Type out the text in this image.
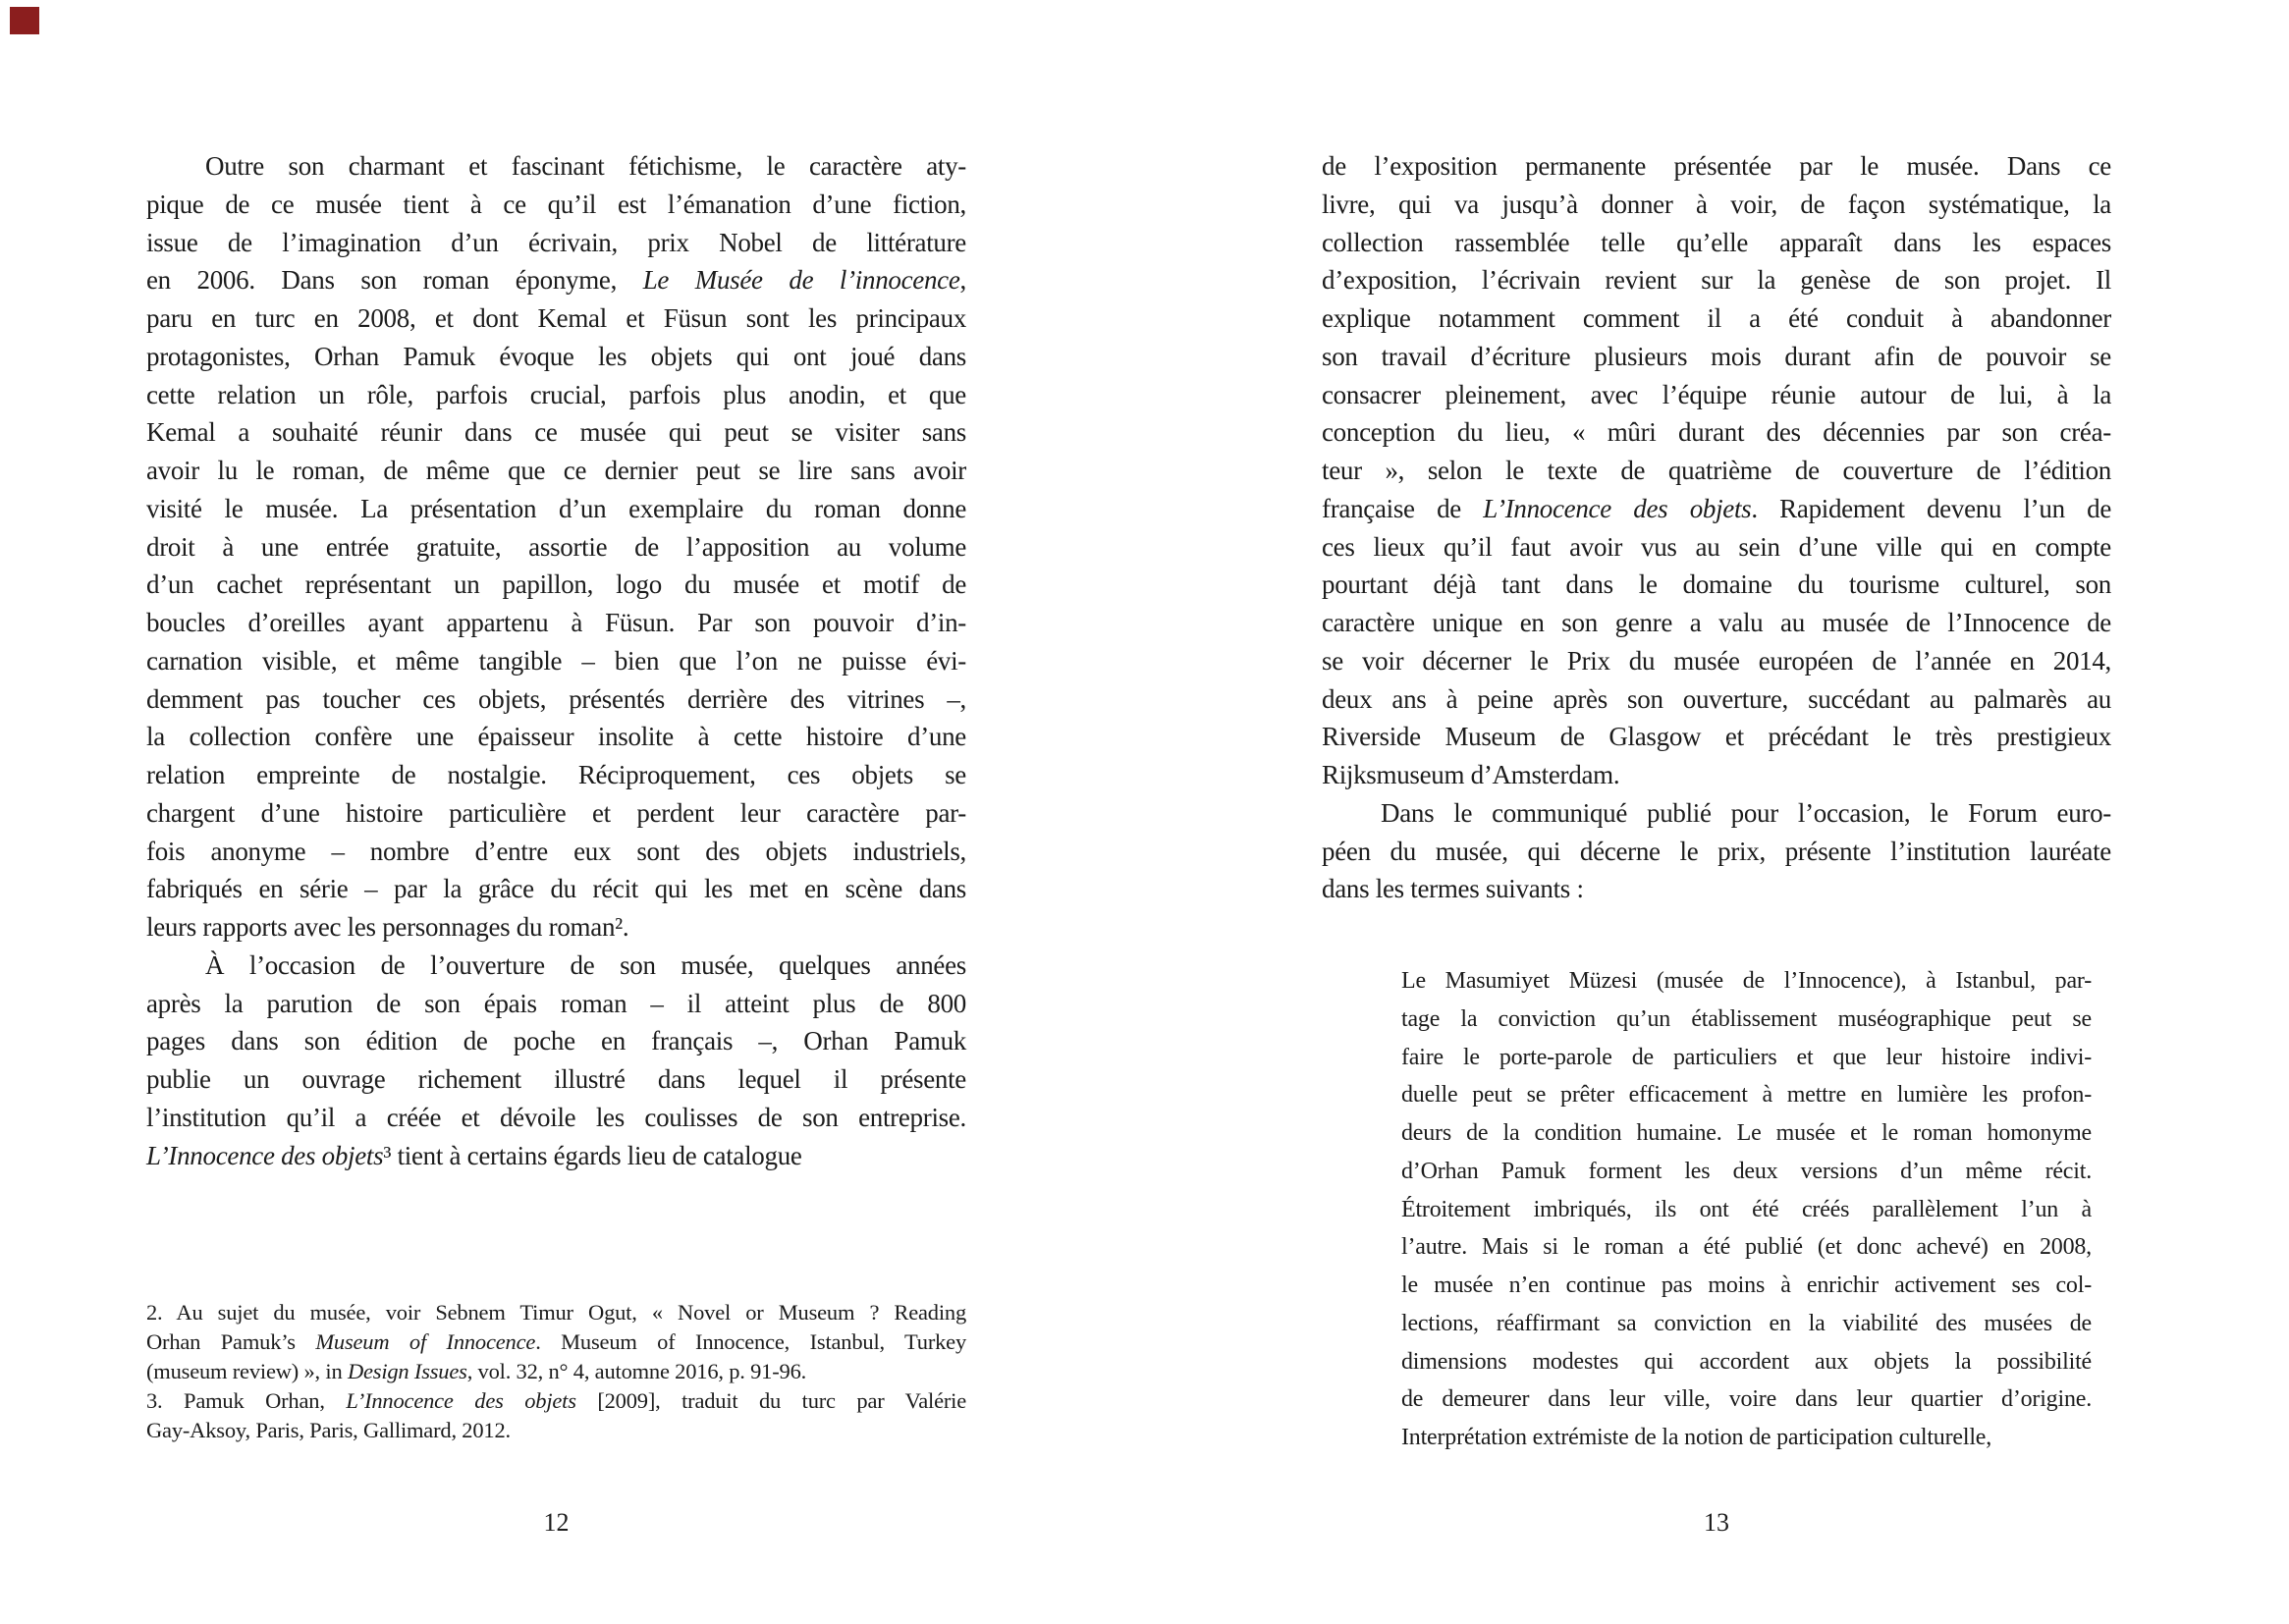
Outre son charmant et fascinant fétichisme, le caractère aty-
pique de ce musée tient à ce qu’il est l’émanation d’une fiction,
issue de l’imagination d’un écrivain, prix Nobel de littérature
en 2006. Dans son roman éponyme, Le Musée de l’innocence,
paru en turc en 2008, et dont Kemal et Füsun sont les principaux
protagonistes, Orhan Pamuk évoque les objets qui ont joué dans
cette relation un rôle, parfois crucial, parfois plus anodin, et que
Kemal a souhaité réunir dans ce musée qui peut se visiter sans
avoir lu le roman, de même que ce dernier peut se lire sans avoir
visité le musée. La présentation d’un exemplaire du roman donne
droit à une entrée gratuite, assortie de l’apposition au volume
d’un cachet représentant un papillon, logo du musée et motif de
boucles d’oreilles ayant appartenu à Füsun. Par son pouvoir d’in-
carnation visible, et même tangible – bien que l’on ne puisse évi-
demment pas toucher ces objets, présentés derrière des vitrines –,
la collection confère une épaisseur insolite à cette histoire d’une
relation empreinte de nostalgie. Réciproquement, ces objets se
chargent d’une histoire particulière et perdent leur caractère par-
fois anonyme – nombre d’entre eux sont des objets industriels,
fabriqués en série – par la grâce du récit qui les met en scène dans
leurs rapports avec les personnages du roman².
À l’occasion de l’ouverture de son musée, quelques années
après la parution de son épais roman – il atteint plus de 800
pages dans son édition de poche en français –, Orhan Pamuk
publie un ouvrage richement illustré dans lequel il présente
l’institution qu’il a créée et dévoile les coulisses de son entreprise.
L’Innocence des objets³ tient à certains égards lieu de catalogue
2. Au sujet du musée, voir Sebnem Timur Ogut, « Novel or Museum ? Reading
Orhan Pamuk’s Museum of Innocence. Museum of Innocence, Istanbul, Turkey
(museum review) », in Design Issues, vol. 32, n° 4, automne 2016, p. 91-96.
3. Pamuk Orhan, L’Innocence des objets [2009], traduit du turc par Valérie
Gay-Aksoy, Paris, Paris, Gallimard, 2012.
12
de l’exposition permanente présentée par le musée. Dans ce
livre, qui va jusqu’à donner à voir, de façon systématique, la
collection rassemblée telle qu’elle apparaît dans les espaces
d’exposition, l’écrivain revient sur la genèse de son projet. Il
explique notamment comment il a été conduit à abandonner
son travail d’écriture plusieurs mois durant afin de pouvoir se
consacrer pleinement, avec l’équipe réunie autour de lui, à la
conception du lieu, « mûri durant des décennies par son créa-
teur », selon le texte de quatrième de couverture de l’édition
française de L’Innocence des objets. Rapidement devenu l’un de
ces lieux qu’il faut avoir vus au sein d’une ville qui en compte
pourtant déjà tant dans le domaine du tourisme culturel, son
caractère unique en son genre a valu au musée de l’Innocence de
se voir décerner le Prix du musée européen de l’année en 2014,
deux ans à peine après son ouverture, succédant au palmarès au
Riverside Museum de Glasgow et précédant le très prestigieux
Rijksmuseum d’Amsterdam.
Dans le communiqué publié pour l’occasion, le Forum euro-
péen du musée, qui décerne le prix, présente l’institution lauréate
dans les termes suivants :
Le Masumiyet Müzesi (musée de l’Innocence), à Istanbul, par-
tage la conviction qu’un établissement muséographique peut se
faire le porte-parole de particuliers et que leur histoire indivi-
duelle peut se prêter efficacement à mettre en lumière les profon-
deurs de la condition humaine. Le musée et le roman homonyme
d’Orhan Pamuk forment les deux versions d’un même récit.
Étroitement imbriqués, ils ont été créés parallèlement l’un à
l’autre. Mais si le roman a été publié (et donc achevé) en 2008,
le musée n’en continue pas moins à enrichir activement ses col-
lections, réaffirmant sa conviction en la viabilité des musées de
dimensions modestes qui accordent aux objets la possibilité
de demeurer dans leur ville, voire dans leur quartier d’origine.
Interprétation extrémiste de la notion de participation culturelle,
13
